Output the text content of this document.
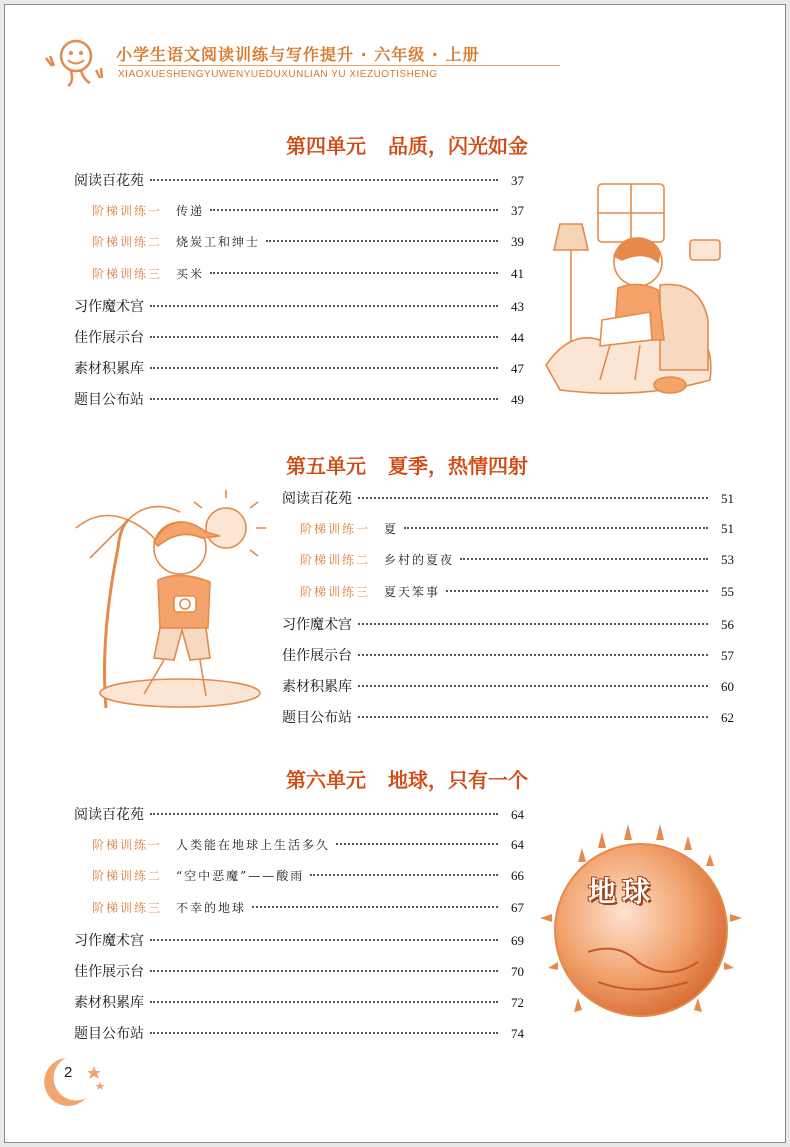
小学生语文阅读训练与写作提升 · 六年级 · 上册
XIAOXUESHENGYUWENYUEDUXUNLIAN YU XIEZUOTISHENG
第四单元 品质，闪光如金
阅读百花苑	37
阶梯训练一 传递	37
阶梯训练二 烧炭工和绅士	39
阶梯训练三 买米	41
习作魔术宫	43
佳作展示台	44
素材积累库	47
题目公布站	49
第五单元 夏季，热情四射
阅读百花苑	51
阶梯训练一 夏	51
阶梯训练二 乡村的夏夜	53
阶梯训练三 夏天笨事	55
习作魔术宫	56
佳作展示台	57
素材积累库	60
题目公布站	62
第六单元 地球，只有一个
阅读百花苑	64
阶梯训练一 人类能在地球上生活多久	64
阶梯训练二 “空中恶魔”——酸雨	66
阶梯训练三 不幸的地球	67
习作魔术宫	69
佳作展示台	70
素材积累库	72
题目公布站	74
地球
2
